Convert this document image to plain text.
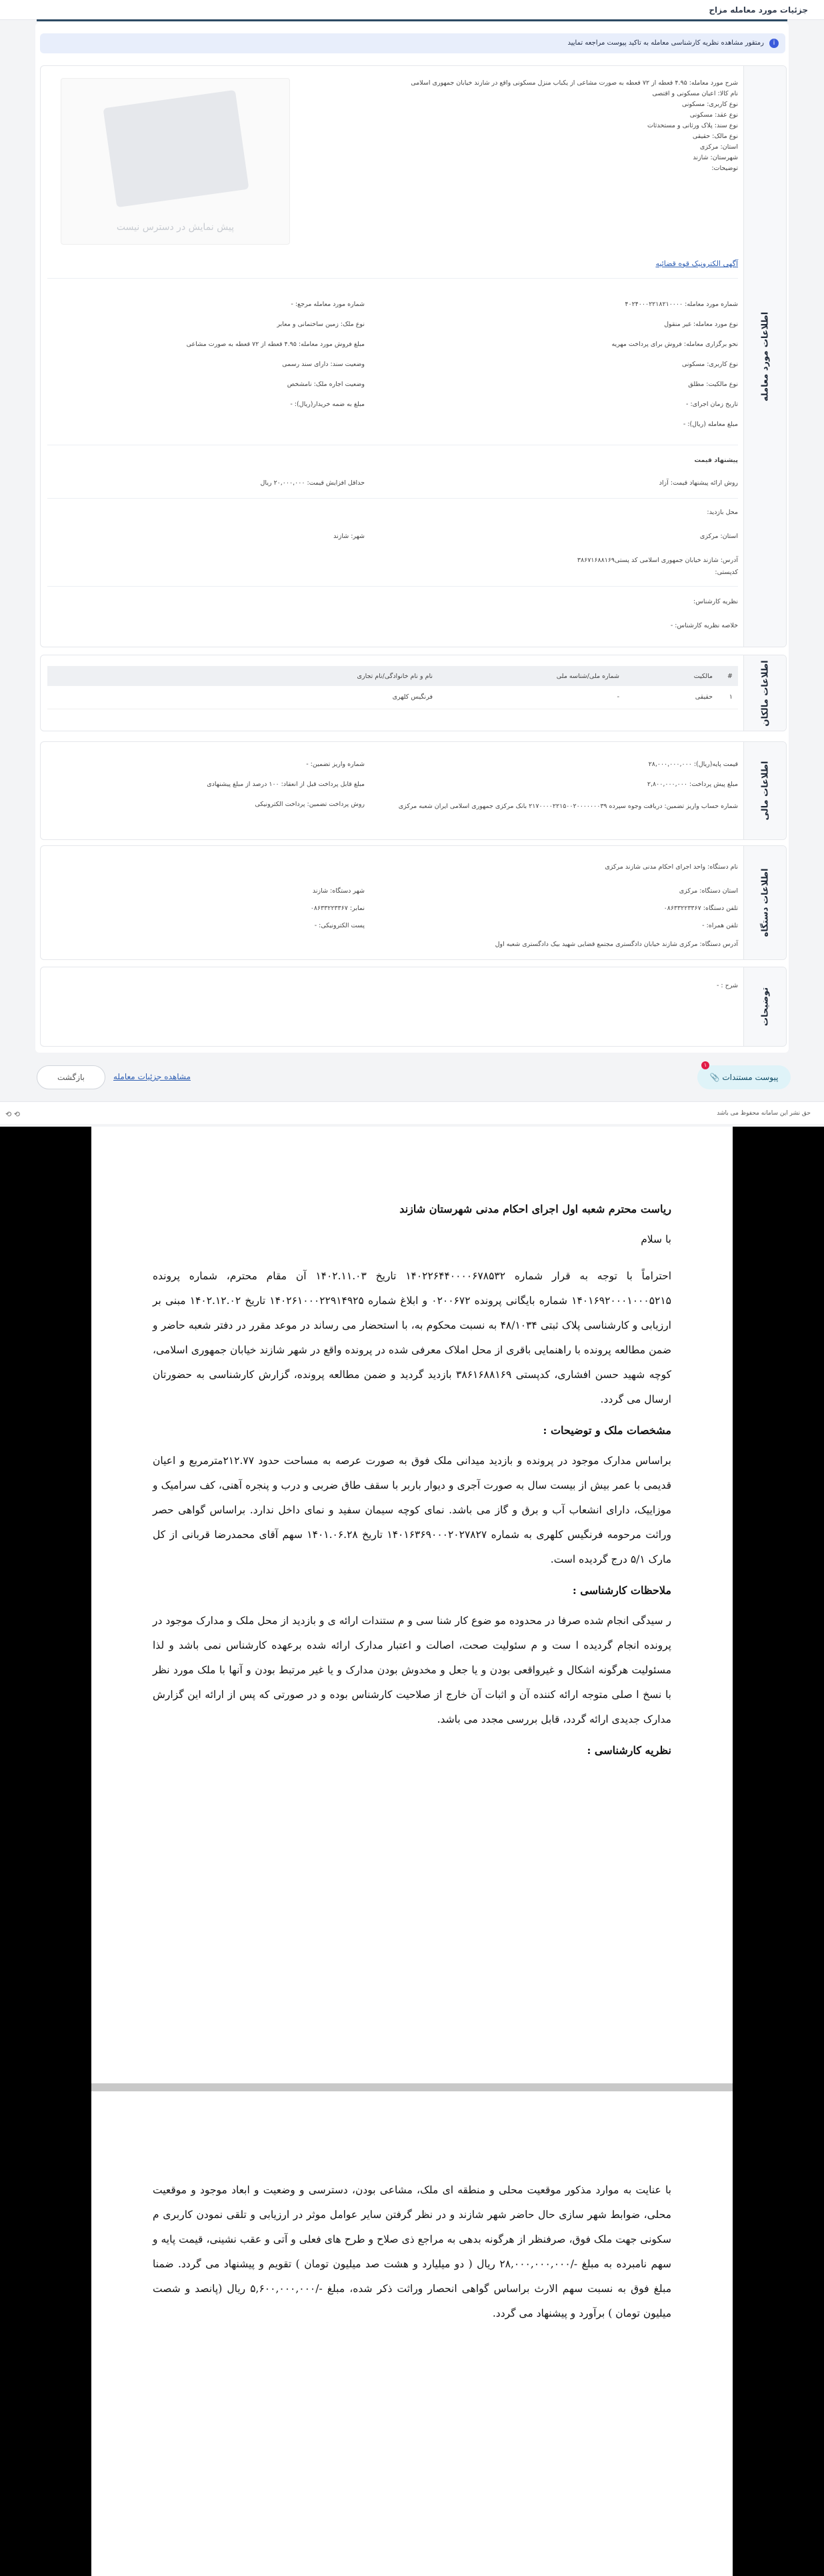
جزئیات مورد معامله مزاح
i
رمتقور مشاهده نظریه کارشناسی معامله به تاکید پیوست مراجعه تمایید
اطلاعات مورد معامله
شرح مورد معامله: ۴.۹۵ قعطه از ۷۲ قعطه به صورت مشاعی از یکباب منزل مسکونی واقع در شازند خیابان جمهوری اسلامی
نام کالا: اعیان مسکونی و اقتصی
نوع کاربری: مسکونی
نوع عقد: مسکونی
نوع سند: پلاک ورثانی و مستحدثات
نوع مالک: حقیقی
استان: مرکزی
شهرستان: شازند
توضیحات:
پیش نمایش در دسترس نیست
آگهی الکترونیک قوه قضائیه
شماره مورد معامله: ۴۰۲۴۰۰۰۲۲۱۸۲۱۰۰۰۰
نوع مورد معامله: غیر منقول
نحو برگزاری معامله: فروش برای پرداخت مهریه
نوع کاربری: مسکونی
نوع مالکیت: مطلق
تاریخ زمان اجرای: -
مبلغ معامله (ریال): -
شماره مورد معامله مرجع: -
نوع ملک: زمین ساختمانی و معابر
مبلغ فروش مورد معامله: ۴.۹۵ قعطه از ۷۲ قعطه به صورت مشاعی
وضعیت سند: دارای سند رسمی
وضعیت اجاره ملک: نامشخص
مبلغ به ضمه خریدار(ریال): -
پیشنهاد قیمت
روش ارائه پیشنهاد قیمت: آزاد
حداقل افزایش قیمت: ۲۰,۰۰۰,۰۰۰ ریال
محل بازدید:
استان: مرکزی
شهر: شازند
آدرس: شازند خیابان جمهوری اسلامی کد پستی۳۸۶۷۱۶۸۸۱۶۹
کدپستی:
نظریه کارشناس:
خلاصه نظریه کارشناس: -
اطلاعات مالکان
#	مالکیت	شماره ملی/شناسه ملی	نام و نام خانوادگی/نام تجاری
۱	حقیقی	-	فرنگیس کلهری
اطلاعات مالی
قیمت پایه(ریال): ۲۸,۰۰۰,۰۰۰,۰۰۰
مبلغ پیش پرداخت: ۲,۸۰۰,۰۰۰,۰۰۰
شماره حساب واریز تضمین: دریافت وجوه سپرده ۲۱۷۰۰۰۰۲۲۱۵۰۰۲۰۰۰۰۰۰۰۳۹ بانک مرکزی جمهوری اسلامی ایران شعبه مرکزی
شماره واریز تضمین: -
مبلغ قابل پرداخت قبل از انعقاد: ۱۰۰ درصد از مبلغ پیشنهادی
روش پرداخت تضمین: پرداخت الکترونیکی
اطلاعات دستگاه
نام دستگاه: واحد اجرای احکام مدنی شازند مرکزی
استان دستگاه: مرکزی
تلفن دستگاه: ۰۸۶۳۳۲۲۳۳۶۷
تلفن همراه: -
شهر دستگاه: شازند
نمابر: ۰۸۶۳۳۲۲۳۳۶۷
پست الکترونیکی: -
آدرس دستگاه: مرکزی شازند خیابان دادگستری مجتمع قضایی شهید بیک دادگستری شعبه اول
توضیحات
شرح : -
بازگشت	مشاهده جزئیات معامله	پیوست مستندات 📎
۱
⟲ ⟲	حق نشر این سامانه محفوظ می باشد
ریاست محترم شعبه اول اجرای احکام مدنی شهرستان شازند

با سلام

احتراماً با توجه به قرار شماره ۱۴۰۲۲۶۴۴۰۰۰۰۶۷۸۵۳۲ تاریخ ۱۴۰۲.۱۱.۰۳ آن مقام محترم، شماره پرونده ۱۴۰۱۶۹۲۰۰۰۱۰۰۰۵۲۱۵ شماره بایگانی پرونده ۰۲۰۰۶۷۲ و ابلاغ شماره ۱۴۰۲۶۱۰۰۰۲۲۹۱۴۹۲۵ تاریخ ۱۴۰۲.۱۲.۰۲ مبنی بر ارزیابی و کارشناسی پلاک ثبتی ۴۸/۱۰۳۴ به نسبت محکوم به، با استحضار می رساند در موعد مقرر در دفتر شعبه حاضر و ضمن مطالعه پرونده با راهنمایی باقری از محل املاک معرفی شده در پرونده واقع در شهر شازند خیابان جمهوری اسلامی، کوچه شهید حسن افشاری، کدپستی ۳۸۶۱۶۸۸۱۶۹ بازدید گردید و ضمن مطالعه پرونده، گزارش کارشناسی به حضورتان ارسال می گردد.

مشخصات ملک و توضیحات :

براساس مدارک موجود در پرونده و بازدید میدانی ملک فوق به صورت عرصه به مساحت حدود ۲۱۲.۷۷مترمربع و اعیان قدیمی با عمر بیش از بیست سال به صورت آجری و دیوار باربر با سقف طاق ضربی و درب و پنجره آهنی، کف سرامیک و موزاییک، دارای انشعاب آب و برق و گاز می باشد. نمای کوچه سیمان سفید و نمای داخل ندارد. براساس گواهی حصر وراثت مرحومه فرنگیس کلهری به شماره ۱۴۰۱۶۳۶۹۰۰۰۲۰۲۷۸۲۷ تاریخ ۱۴۰۱.۰۶.۲۸ سهم آقای محمدرضا قربانی از کل مارک ۵/۱ درج گردیده است.

ملاحظات کارشناسی :

ر سیدگی انجام شده صرفا در محدوده مو ضوع کار شنا سی و م ستندات ارائه ی و بازدید از محل ملک و مدارک موجود در پرونده انجام گردیده ا ست و م سئولیت صحت، اصالت و اعتبار مدارک ارائه شده برعهده کارشناس نمی باشد و لذا مسئولیت هرگونه اشکال و غیرواقعی بودن و یا جعل و مخدوش بودن مدارک و یا غیر مرتبط بودن و آنها با ملک مورد نظر با نسخ ا صلی متوجه ارائه کننده آن و اثبات آن خارج از صلاحیت کارشناس بوده و در صورتی که پس از ارائه این گزارش مدارک جدیدی ارائه گردد، قابل بررسی مجدد می باشد.

نظریه کارشناسی :

با عنایت به موارد مذکور موقعیت محلی و منطقه ای ملک، مشاعی بودن، دسترسی و وضعیت و ابعاد موجود و موقعیت محلی، ضوابط شهر سازی حال حاضر شهر شازند و در نظر گرفتن سایر عوامل موثر در ارزیابی و تلقی نمودن کاربری م سکونی جهت ملک فوق، صرفنظر از هرگونه بدهی به مراجع ذی صلاح و طرح های فعلی و آتی و عقب نشینی، قیمت پایه و سهم نامبرده به مبلغ -/۲۸,۰۰۰,۰۰۰,۰۰۰ ریال ( دو میلیارد و هشت صد میلیون تومان ) تقویم و پیشنهاد می گردد. ضمنا مبلغ فوق به نسبت سهم الارث براساس گواهی انحصار وراثت ذکر شده، مبلغ -/۵,۶۰۰,۰۰۰,۰۰۰ ریال (پانصد و شصت میلیون تومان ) برآورد و پیشنهاد می گردد.
